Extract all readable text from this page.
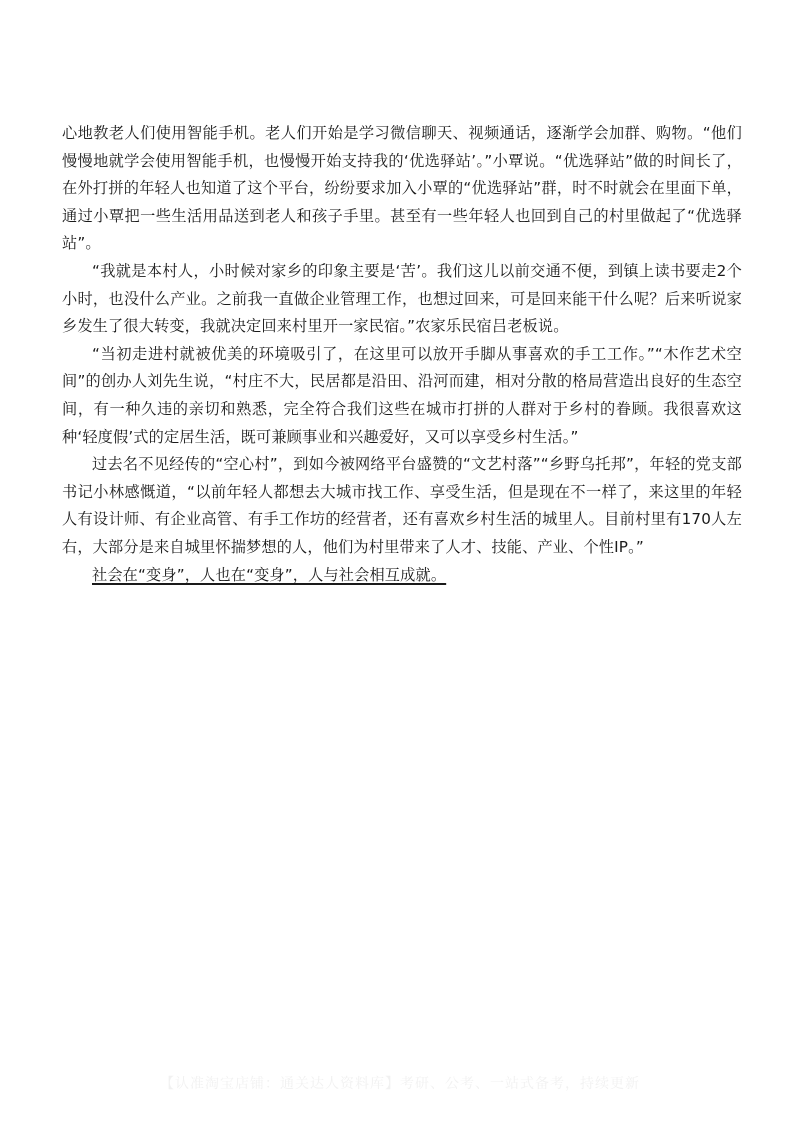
心地教老人们使用智能手机。老人们开始是学习微信聊天、视频通话，逐渐学会加群、购物。“他们慢慢地就学会使用智能手机，也慢慢开始支持我的‘优选驿站’。”小覃说。“优选驿站”做的时间长了，在外打拼的年轻人也知道了这个平台，纷纷要求加入小覃的“优选驿站”群，时不时就会在里面下单，通过小覃把一些生活用品送到老人和孩子手里。甚至有一些年轻人也回到自己的村里做起了“优选驿站”。

“我就是本村人，小时候对家乡的印象主要是‘苦’。我们这儿以前交通不便，到镇上读书要走2个小时，也没什么产业。之前我一直做企业管理工作，也想过回来，可是回来能干什么呢？后来听说家乡发生了很大转变，我就决定回来村里开一家民宿。”农家乐民宿吕老板说。

“当初走进村就被优美的环境吸引了，在这里可以放开手脚从事喜欢的手工工作。”“木作艺术空间”的创办人刘先生说，“村庄不大，民居都是沿田、沿河而建，相对分散的格局营造出良好的生态空间，有一种久违的亲切和熟悉，完全符合我们这些在城市打拼的人群对于乡村的眷顾。我很喜欢这种‘轻度假’式的定居生活，既可兼顾事业和兴趣爱好，又可以享受乡村生活。”

过去名不见经传的“空心村”，到如今被网络平台盛赞的“文艺村落”“乡野乌托邦”，年轻的党支部书记小林感慨道，“以前年轻人都想去大城市找工作、享受生活，但是现在不一样了，来这里的年轻人有设计师、有企业高管、有手工作坊的经营者，还有喜欢乡村生活的城里人。目前村里有170人左右，大部分是来自城里怀揣梦想的人，他们为村里带来了人才、技能、产业、个性IP。”

社会在“变身”，人也在“变身”，人与社会相互成就。

【认准淘宝店铺：通关达人资料库】考研、公考、一站式备考，持续更新
